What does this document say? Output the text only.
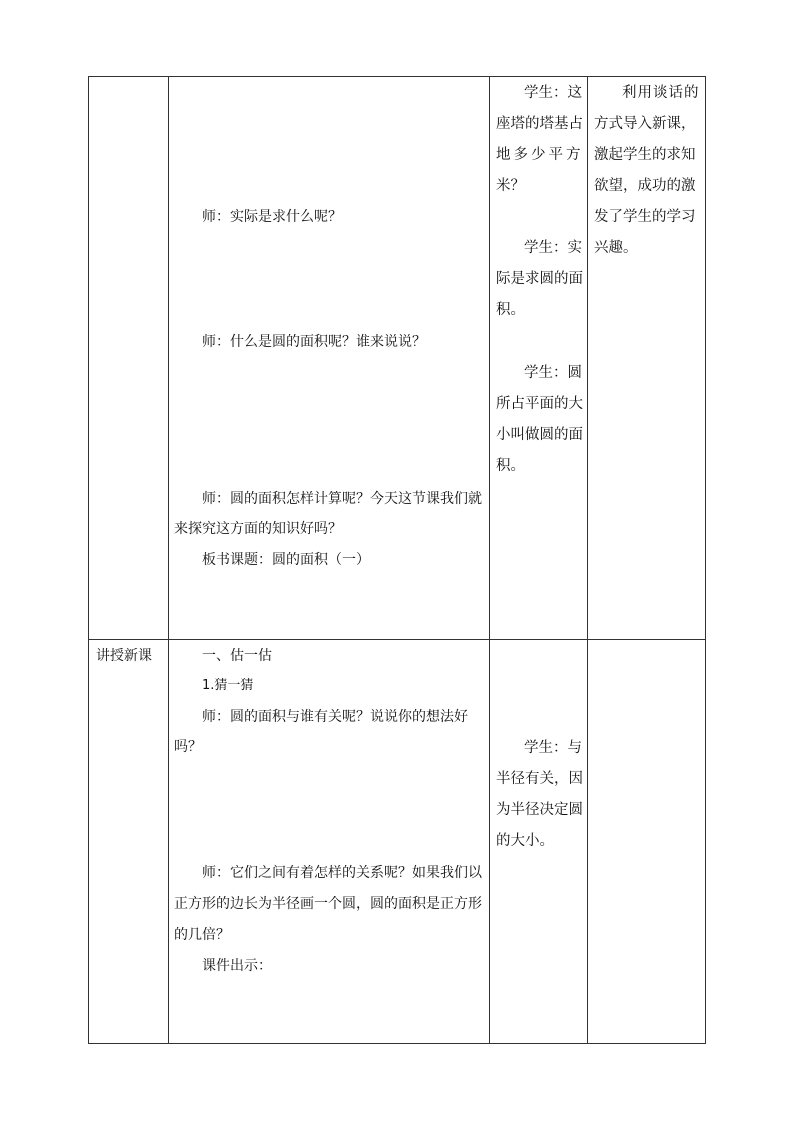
师：实际是求什么呢？
师：什么是圆的面积呢？谁来说说？
师：圆的面积怎样计算呢？今天这节课我们就
来探究这方面的知识好吗？
板书课题：圆的面积（一）
学生：这
座塔的塔基占
地多少平方
米？
学生：实
际是求圆的面
积。
学生：圆
所占平面的大
小叫做圆的面
积。
利用谈话的
方式导入新课，
激起学生的求知
欲望，成功的激
发了学生的学习
兴趣。
讲授新课	一、估一估
1.猜一猜
师：圆的面积与谁有关呢？说说你的想法好
吗？
师：它们之间有着怎样的关系呢？如果我们以
正方形的边长为半径画一个圆，圆的面积是正方形
的几倍？
课件出示：
学生：与
半径有关，因
为半径决定圆
的大小。
